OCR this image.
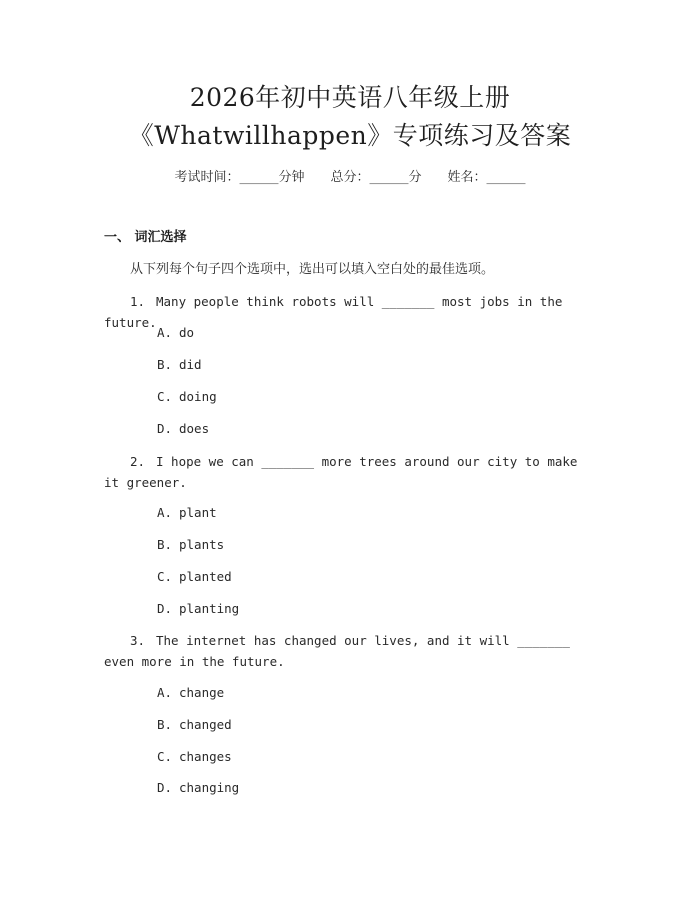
2026年初中英语八年级上册
《Whatwillhappen》专项练习及答案
考试时间：______分钟 总分：______分 姓名：______
一、 词汇选择
从下列每个句子四个选项中，选出可以填入空白处的最佳选项。
1. Many people think robots will _______ most jobs in the future.
A. do
B. did
C. doing
D. does
2. I hope we can _______ more trees around our city to make it greener.
A. plant
B. plants
C. planted
D. planting
3. The internet has changed our lives, and it will _______ even more in the future.
A. change
B. changed
C. changes
D. changing
